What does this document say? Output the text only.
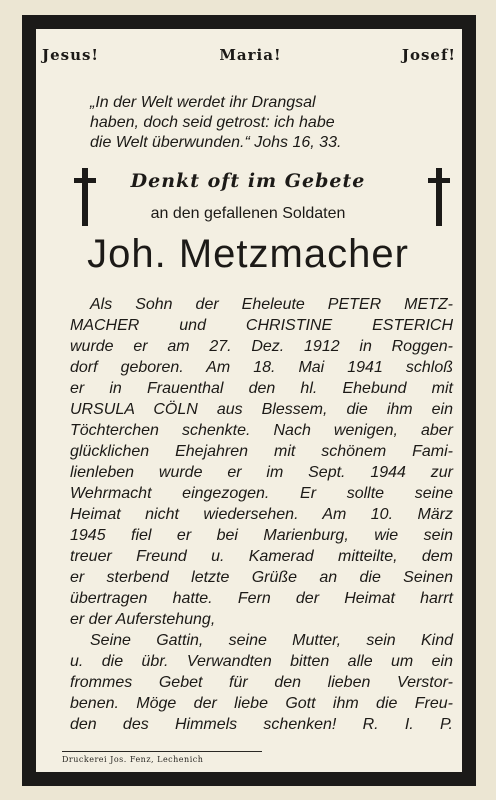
Jesus!	Maria!	Josef!
„In der Welt werdet ihr Drangsal
haben, doch seid getrost: ich habe
die Welt überwunden.“ Johs 16, 33.
Denkt oft im Gebete
an den gefallenen Soldaten
Joh. Metzmacher
Als Sohn der Eheleute PETER METZ-
MACHER und CHRISTINE ESTERICH
wurde er am 27. Dez. 1912 in Roggen-
dorf geboren. Am 18. Mai 1941 schloß
er in Frauenthal den hl. Ehebund mit
URSULA CÖLN aus Blessem, die ihm ein
Töchterchen schenkte. Nach wenigen, aber
glücklichen Ehejahren mit schönem Fami-
lienleben wurde er im Sept. 1944 zur
Wehrmacht eingezogen. Er sollte seine
Heimat nicht wiedersehen. Am 10. März
1945 fiel er bei Marienburg, wie sein
treuer Freund u. Kamerad mitteilte, dem
er sterbend letzte Grüße an die Seinen
übertragen hatte. Fern der Heimat harrt
er der Auferstehung,
Seine Gattin, seine Mutter, sein Kind
u. die übr. Verwandten bitten alle um ein
frommes Gebet für den lieben Verstor-
benen. Möge der liebe Gott ihm die Freu-
den des Himmels schenken! R. I. P.
Druckerei Jos. Fenz, Lechenich
